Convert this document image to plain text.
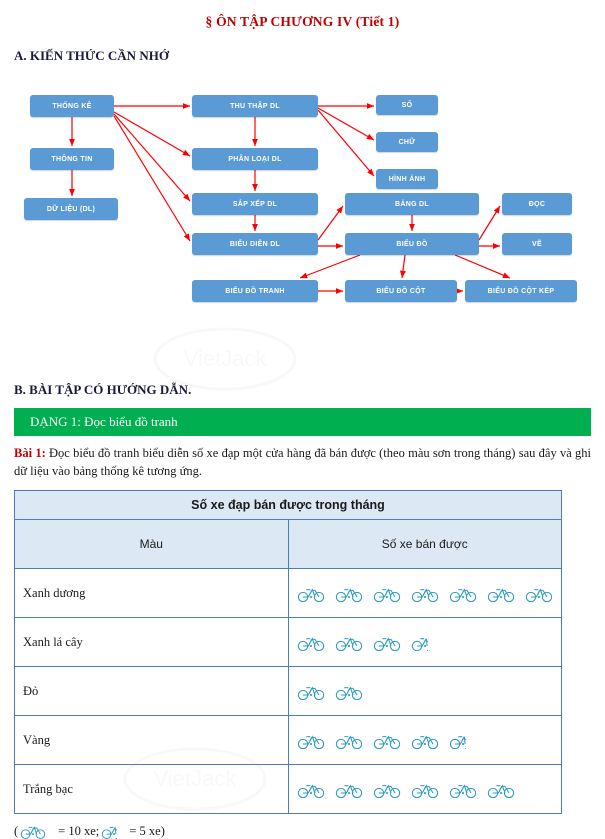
VietJack
VietJack
§ ÔN TẬP CHƯƠNG IV (Tiết 1)
A. KIẾN THỨC CẦN NHỚ
THỐNG KÊ
THÔNG TIN
DỮ LIỆU (DL)
THU THẬP DL
PHÂN LOẠI DL
SẮP XẾP DL
BIỂU DIỄN DL
SỐ
CHỮ
HÌNH ẢNH
BẢNG DL
BIỂU ĐỒ
ĐỌC
VẼ
BIỂU ĐỒ TRANH	BIỂU ĐỒ CỘT	BIỂU ĐỒ CỘT KÉP
B. BÀI TẬP CÓ HƯỚNG DẪN.
DẠNG 1: Đọc biểu đồ tranh
Bài 1: Đọc biểu đồ tranh biểu diễn số xe đạp một cửa hàng đã bán được (theo màu sơn trong tháng) sau đây và ghi dữ liệu vào bảng thống kê tương ứng.
Số xe đạp bán được trong tháng	
Màu	Số xe bán được
Xanh dương	
Xanh lá cây	
Đỏ	
Vàng	
Trắng bạc	
(	= 10 xe; = 5 xe)
